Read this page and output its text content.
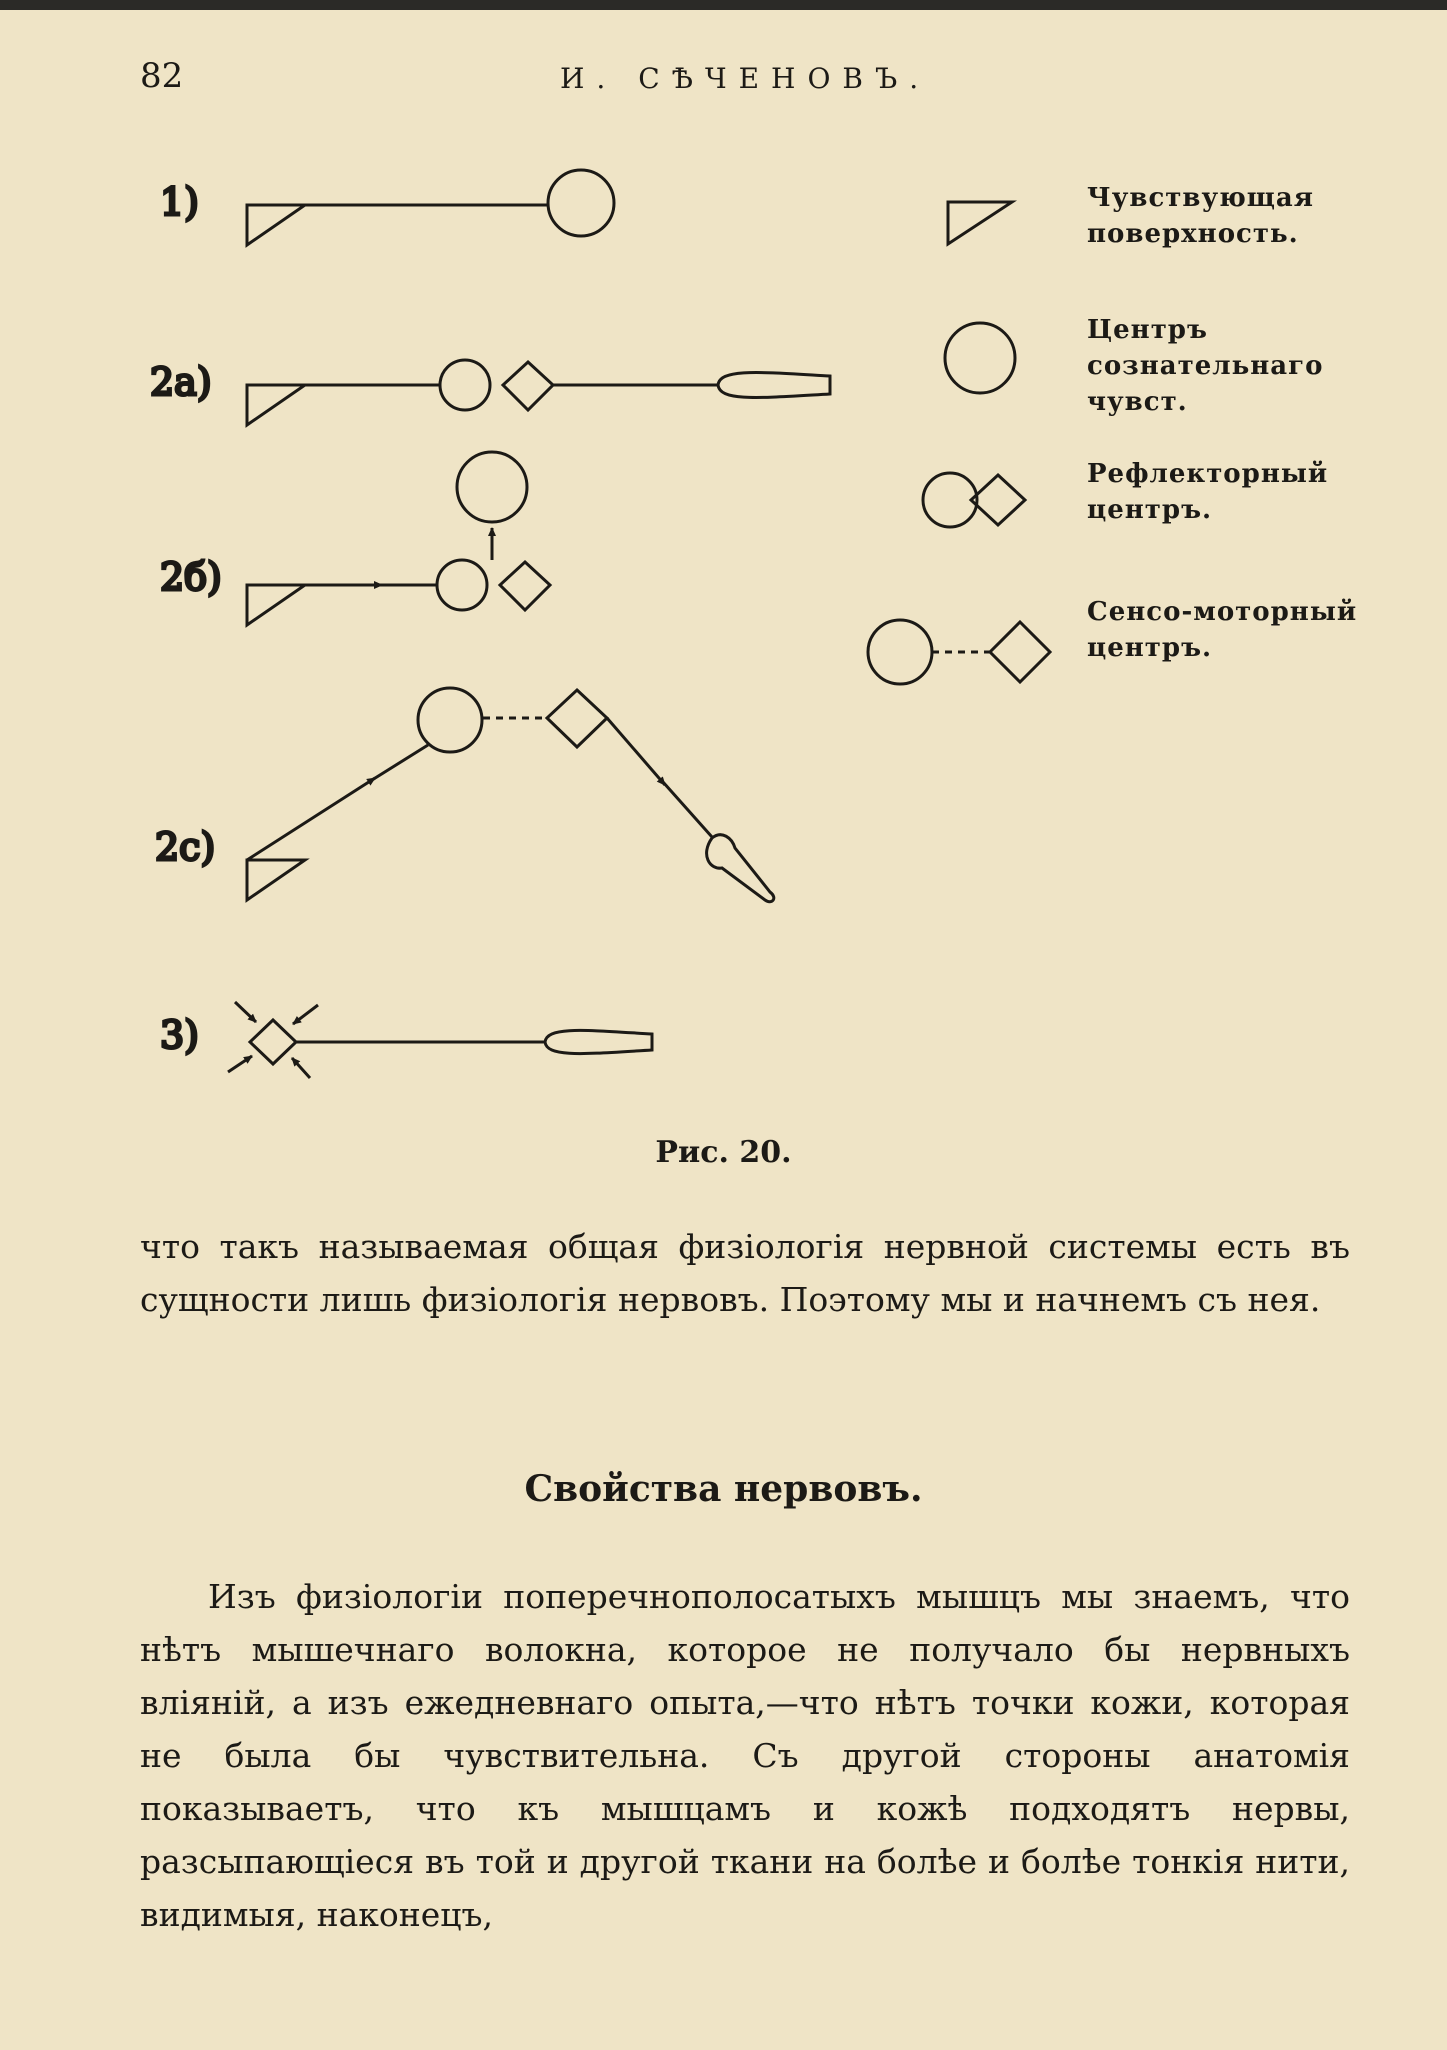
82	И. СѢЧЕНОВЪ.
1)
2a)
2б)
2c)
3)
Чувствующая поверхность.
Центръ сознательнаго чувст.
Рефлекторный центръ.
Сенсо-моторный центръ.
Рис. 20.

что такъ называемая общая физiологiя нервной системы есть въ сущности лишь физiологiя нервовъ. Поэтому мы и начнемъ съ нея.

Свойства нервовъ.

Изъ физiологiи поперечнополосатыхъ мышцъ мы знаемъ, что нѣтъ мышечнаго волокна, которое не получало бы нервныхъ влiянiй, а изъ ежедневнаго опыта,—что нѣтъ точки кожи, которая не была бы чувствительна. Съ другой стороны анатомiя показываетъ, что къ мышцамъ и кожѣ подходятъ нервы, разсыпающiеся въ той и другой ткани на болѣе и болѣе тонкiя нити, видимыя, наконецъ,
